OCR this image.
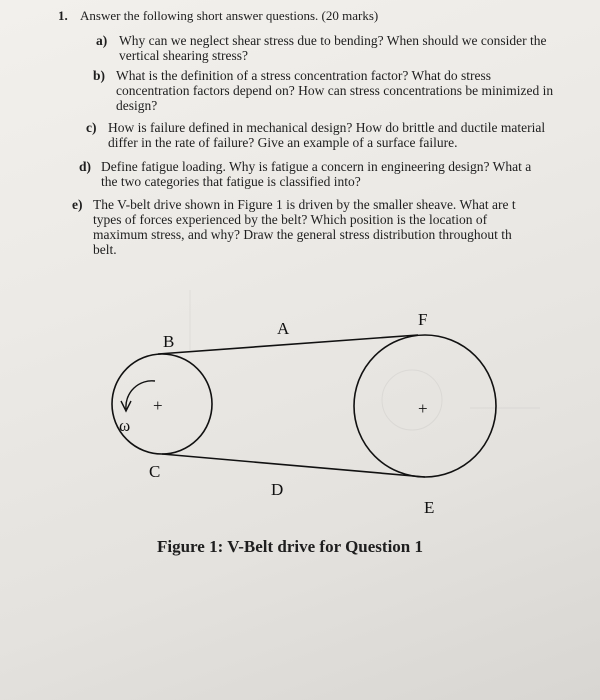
1. Answer the following short answer questions. (20 marks)
a) Why can we neglect shear stress due to bending? When should we consider the
vertical shearing stress?
b) What is the definition of a stress concentration factor? What do stress
concentration factors depend on? How can stress concentrations be minimized in
design?
c) How is failure defined in mechanical design? How do brittle and ductile material
differ in the rate of failure? Give an example of a surface failure.
d) Define fatigue loading. Why is fatigue a concern in engineering design? What a
the two categories that fatigue is classified into?
e) The V-belt drive shown in Figure 1 is driven by the smaller sheave. What are t
types of forces experienced by the belt? Which position is the location of
maximum stress, and why? Draw the general stress distribution throughout th
belt.
B
A	F
+	+
ω
C
D
E
Figure 1: V-Belt drive for Question 1
